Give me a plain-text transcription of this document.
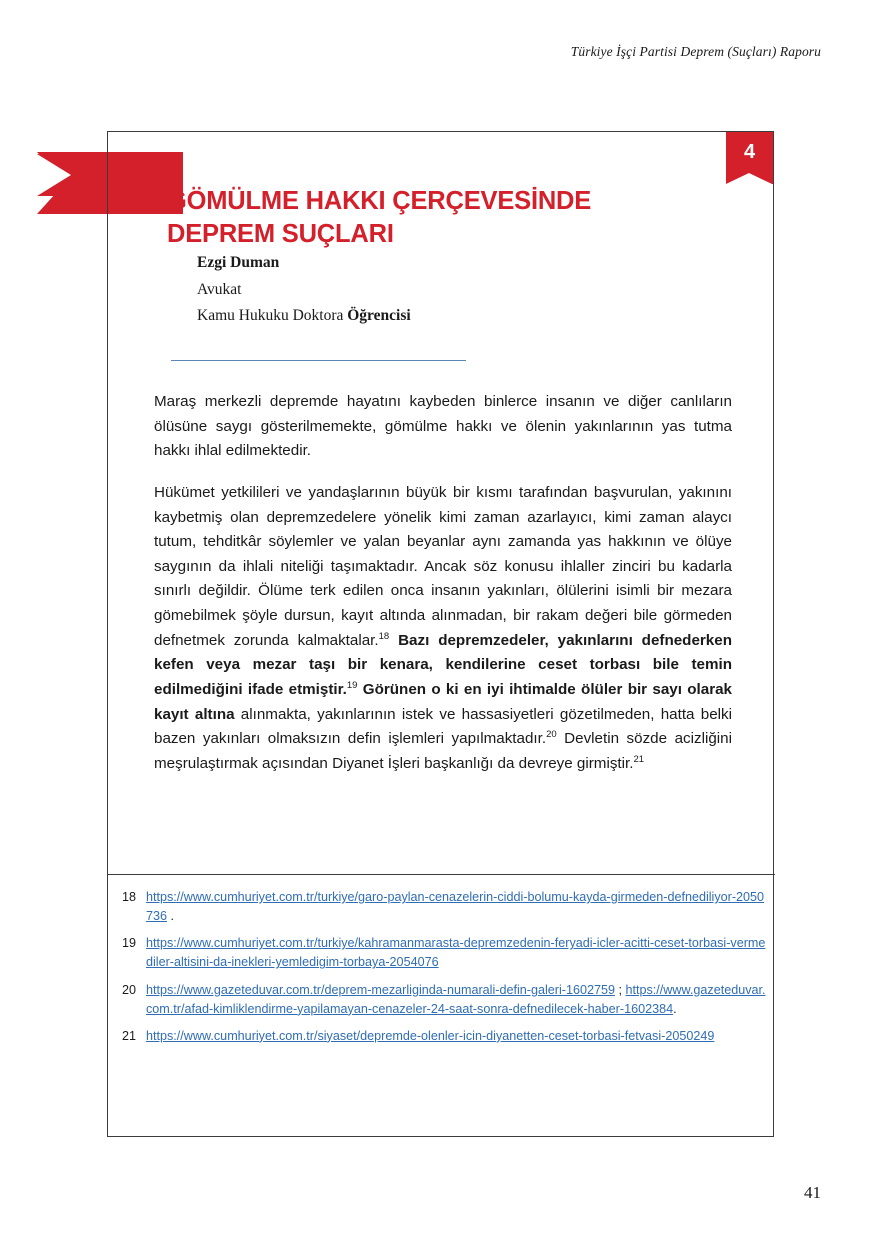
Türkiye İşçi Partisi Deprem (Suçları) Raporu
4
GÖMÜLME HAKKI ÇERÇEVESİNDE DEPREM SUÇLARI
Ezgi Duman
Avukat
Kamu Hukuku Doktora Öğrencisi

Maraş merkezli depremde hayatını kaybeden binlerce insanın ve diğer canlıların ölüsüne saygı gösterilmemekte, gömülme hakkı ve ölenin yakınlarının yas tutma hakkı ihlal edilmektedir.

Hükümet yetkilileri ve yandaşlarının büyük bir kısmı tarafından başvurulan, yakınını kaybetmiş olan depremzedelere yönelik kimi zaman azarlayıcı, kimi zaman alaycı tutum, tehditkâr söylemler ve yalan beyanlar aynı zamanda yas hakkının ve ölüye saygının da ihlali niteliği taşımaktadır. Ancak söz konusu ihlaller zinciri bu kadarla sınırlı değildir. Ölüme terk edilen onca insanın yakınları, ölülerini isimli bir mezara gömebilmek şöyle dursun, kayıt altında alınmadan, bir rakam değeri bile görmeden defnetmek zorunda kalmaktalar.$^{18}$ Bazı depremzedeler, yakınlarını defnederken kefen veya mezar taşı bir kenara, kendilerine ceset torbası bile temin edilmediğini ifade etmiştir.$^{19}$ Görünen o ki en iyi ihtimalde ölüler bir sayı olarak kayıt altına alınmakta, yakınlarının istek ve hassasiyetleri gözetilmeden, hatta belki bazen yakınları olmaksızın defin işlemleri yapılmaktadır.$^{20}$ Devletin sözde acizliğini meşrulaştırmak açısından Diyanet İşleri başkanlığı da devreye girmiştir.$^{21}$

18 https://www.cumhuriyet.com.tr/turkiye/garo-paylan-cenazelerin-ciddi-bolumu-kayda-girmeden-defnediliyor-2050736 .
19 https://www.cumhuriyet.com.tr/turkiye/kahramanmarasta-depremzedenin-feryadi-icler-acitti-ceset-torbasi-vermediler-altisini-da-inekleri-yemledigim-torbaya-2054076
20 https://www.gazeteduvar.com.tr/deprem-mezarliginda-numarali-defin-galeri-1602759 ; https://www.gazeteduvar.com.tr/afad-kimliklendirme-yapilamayan-cenazeler-24-saat-sonra-defnedilecek-haber-1602384.
21 https://www.cumhuriyet.com.tr/siyaset/depremde-olenler-icin-diyanetten-ceset-torbasi-fetvasi-2050249
41
